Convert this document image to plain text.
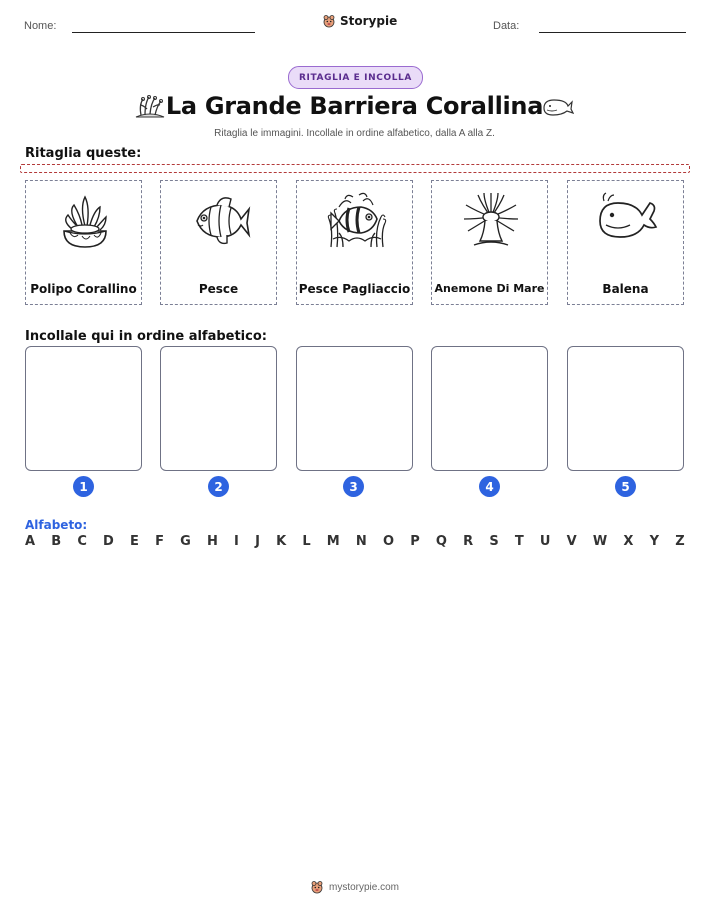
Nome:	Storypie	Data:
RITAGLIA E INCOLLA
La Grande Barriera Corallina
Ritaglia le immagini. Incollale in ordine alfabetico, dalla A alla Z.
Ritaglia queste:
Polipo Corallino	Pesce	Pesce Pagliaccio Anemone Di Mare	Balena
Incollale qui in ordine alfabetico:
1	2	3	4	5
Alfabeto:
A B C D E F G H I J K L M N O P Q R S T U V W X Y Z
mystorypie.com
